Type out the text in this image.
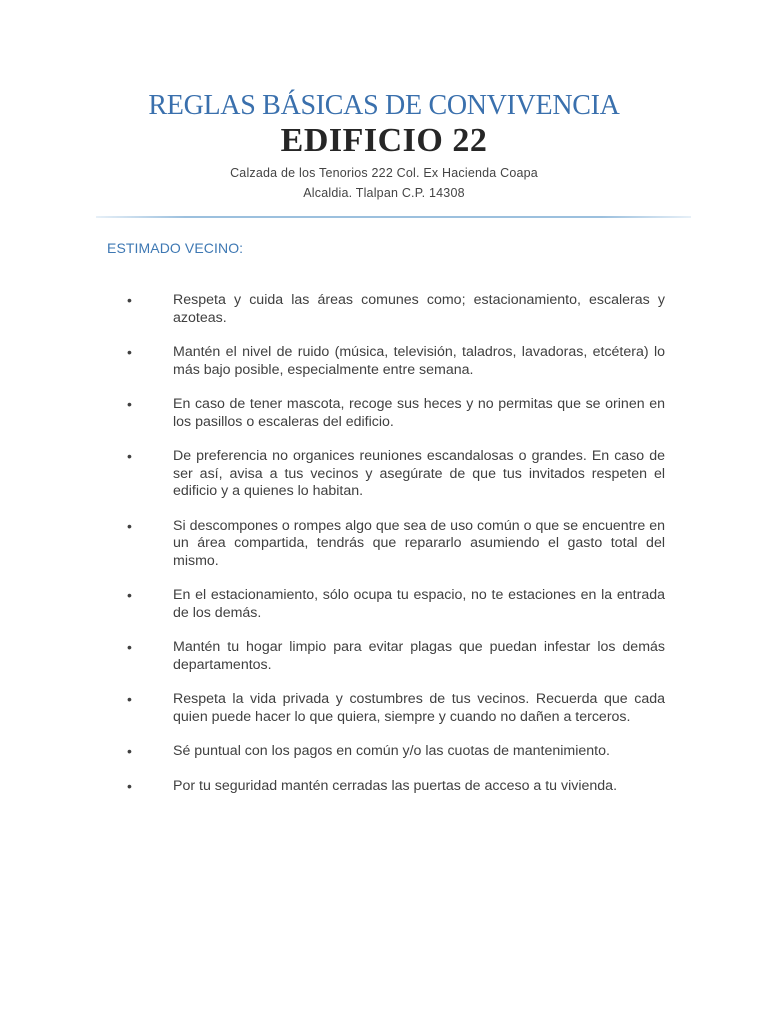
REGLAS BÁSICAS DE CONVIVENCIA
EDIFICIO 22
Calzada de los Tenorios 222 Col. Ex Hacienda Coapa
Alcaldia. Tlalpan C.P. 14308
ESTIMADO VECINO:
•	Respeta y cuida las áreas comunes como; estacionamiento, escaleras y azoteas.
•	Mantén el nivel de ruido (música, televisión, taladros, lavadoras, etcétera) lo más bajo posible, especialmente entre semana.
•	En caso de tener mascota, recoge sus heces y no permitas que se orinen en los pasillos o escaleras del edificio.
•	De preferencia no organices reuniones escandalosas o grandes. En caso de ser así, avisa a tus vecinos y asegúrate de que tus invitados respeten el edificio y a quienes lo habitan.
•	Si descompones o rompes algo que sea de uso común o que se encuentre en un área compartida, tendrás que repararlo asumiendo el gasto total del mismo.
•	En el estacionamiento, sólo ocupa tu espacio, no te estaciones en la entrada de los demás.
•	Mantén tu hogar limpio para evitar plagas que puedan infestar los demás departamentos.
•	Respeta la vida privada y costumbres de tus vecinos. Recuerda que cada quien puede hacer lo que quiera, siempre y cuando no dañen a terceros.
•	Sé puntual con los pagos en común y/o las cuotas de mantenimiento.
•	Por tu seguridad mantén cerradas las puertas de acceso a tu vivienda.
